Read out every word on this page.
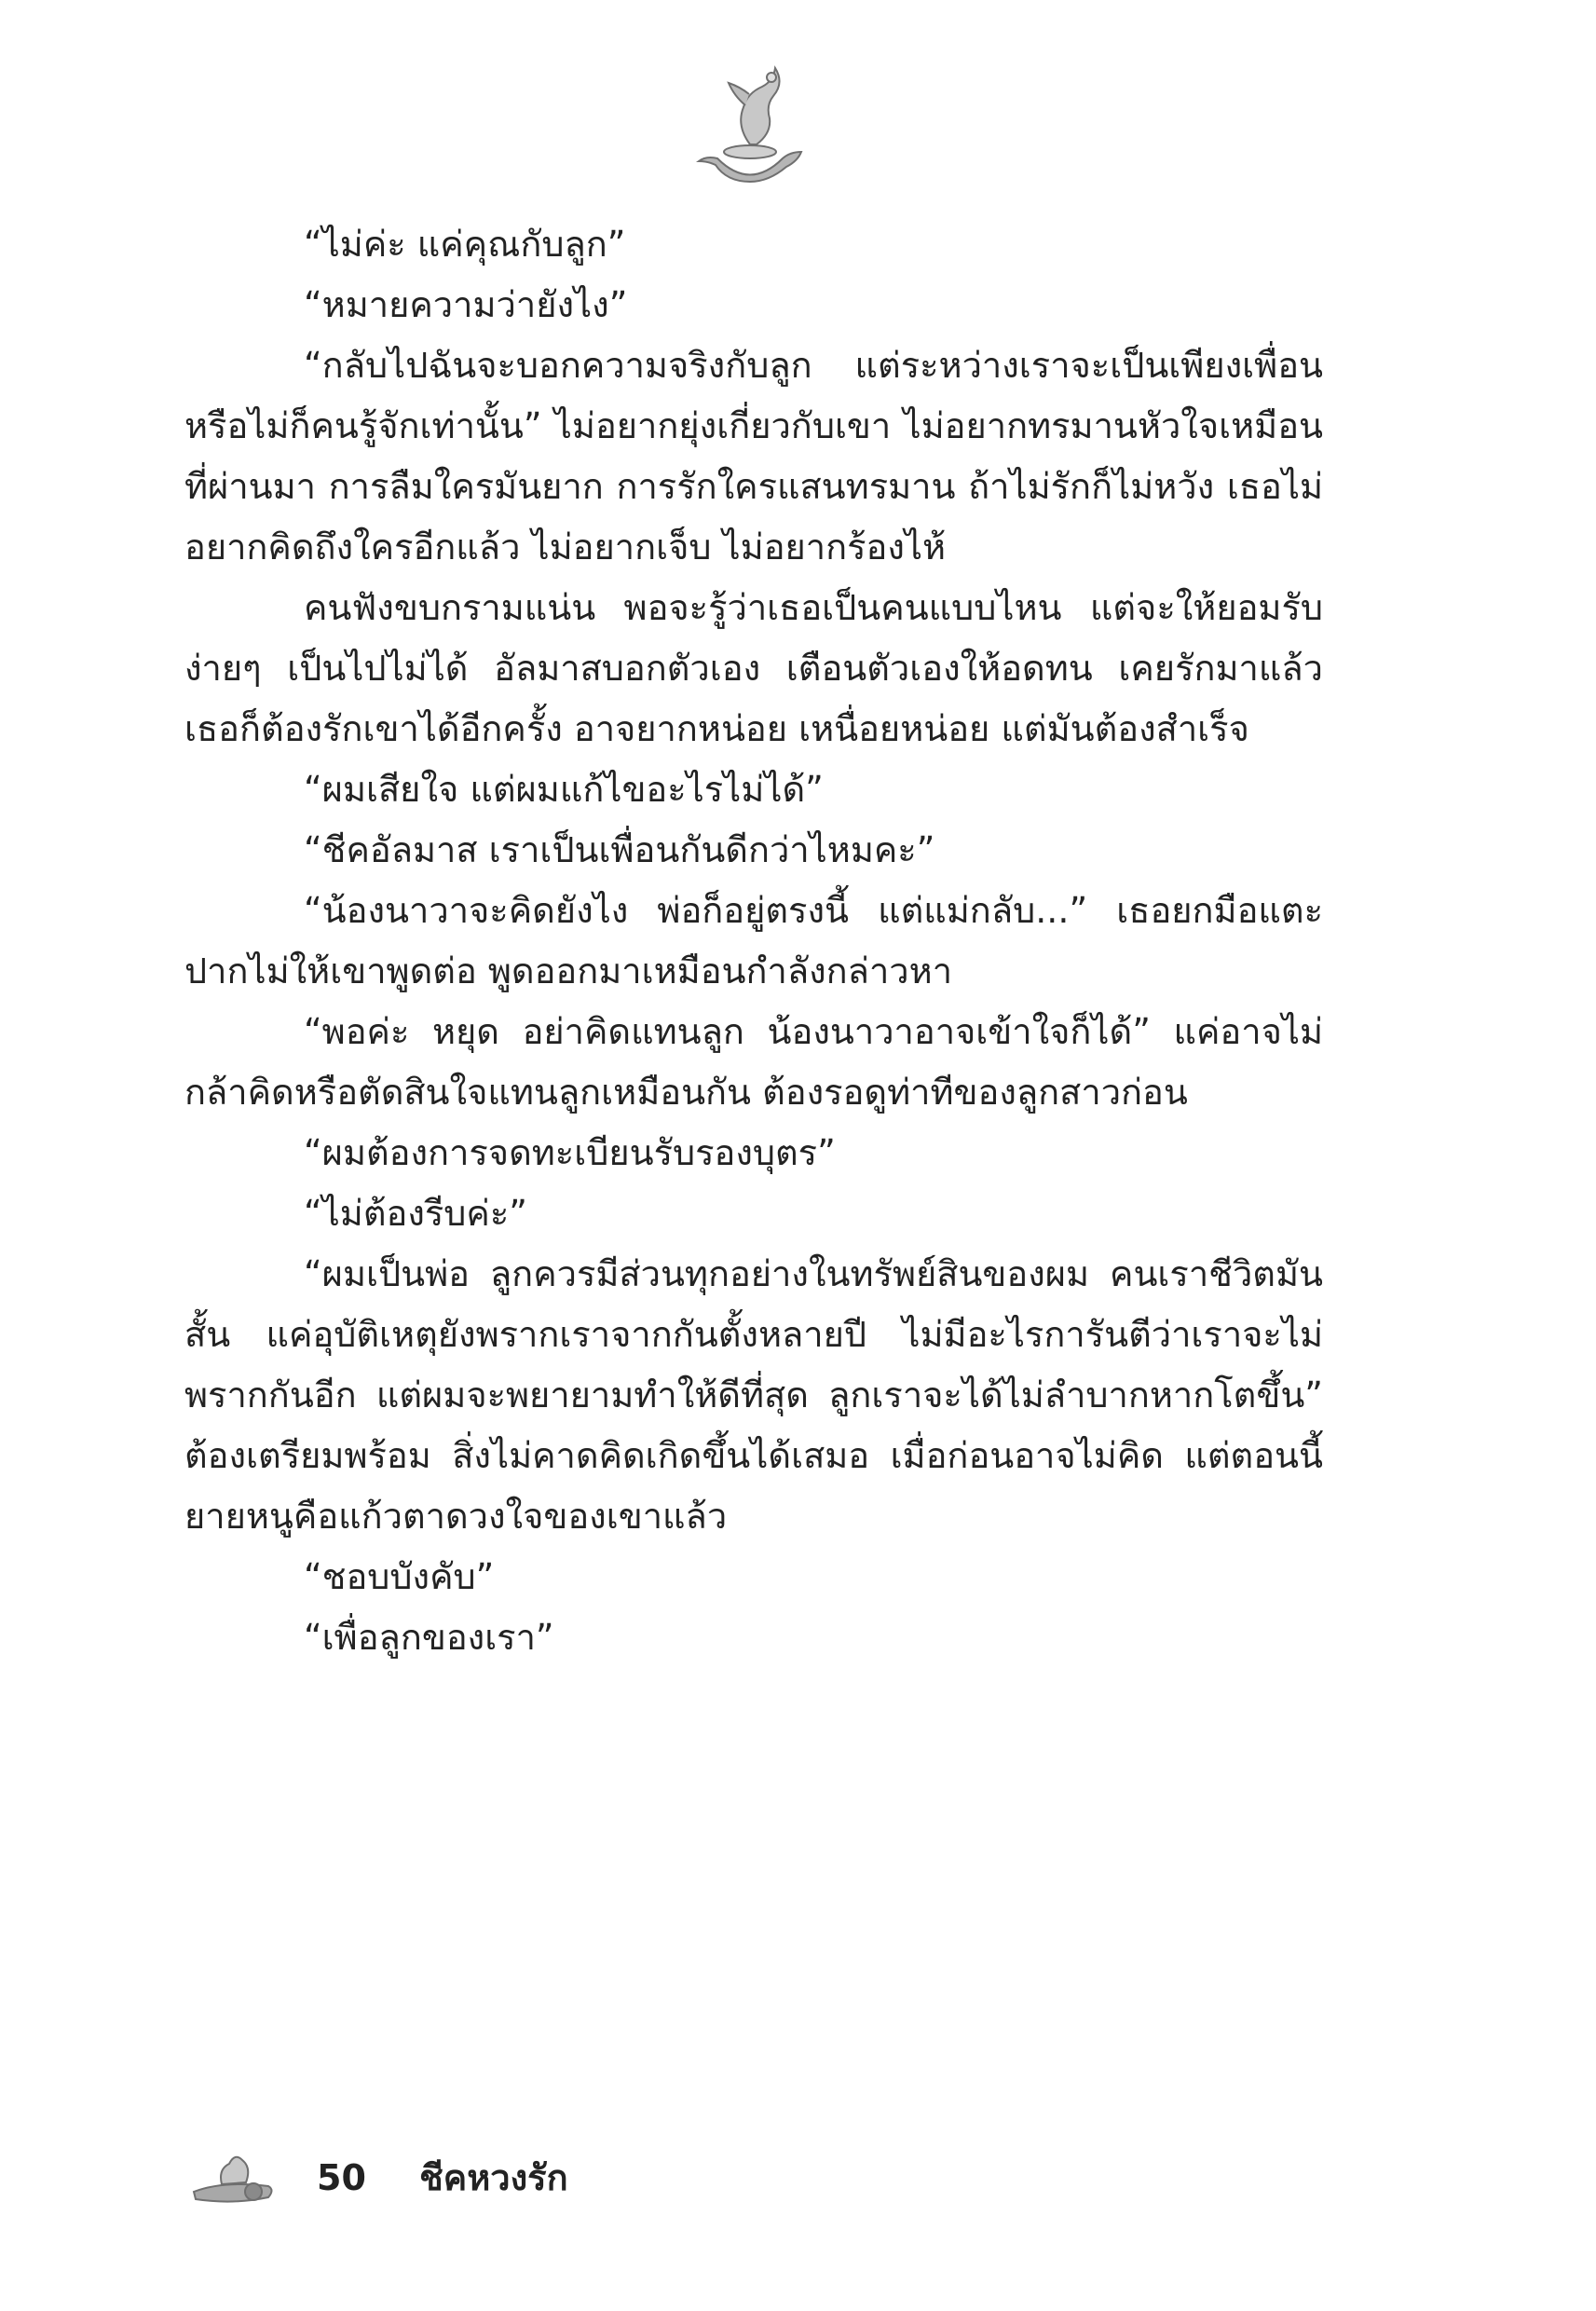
“ไม่ค่ะ แค่คุณกับลูก”

“หมายความว่ายังไง”

“กลับไปฉันจะบอกความจริงกับลูก แต่ระหว่างเราจะเป็นเพียงเพื่อน หรือไม่ก็คนรู้จักเท่านั้น” ไม่อยากยุ่งเกี่ยวกับเขา ไม่อยากทรมานหัวใจเหมือนที่ผ่านมา การลืมใครมันยาก การรักใครแสนทรมาน ถ้าไม่รักก็ไม่หวัง เธอไม่อยากคิดถึงใครอีกแล้ว ไม่อยากเจ็บ ไม่อยากร้องไห้

คนฟังขบกรามแน่น พอจะรู้ว่าเธอเป็นคนแบบไหน แต่จะให้ยอมรับง่ายๆ เป็นไปไม่ได้ อัลมาสบอกตัวเอง เตือนตัวเองให้อดทน เคยรักมาแล้ว เธอก็ต้องรักเขาได้อีกครั้ง อาจยากหน่อย เหนื่อยหน่อย แต่มันต้องสำเร็จ

“ผมเสียใจ แต่ผมแก้ไขอะไรไม่ได้”

“ชีคอัลมาส เราเป็นเพื่อนกันดีกว่าไหมคะ”

“น้องนาวาจะคิดยังไง พ่อก็อยู่ตรงนี้ แต่แม่กลับ...” เธอยกมือแตะปากไม่ให้เขาพูดต่อ พูดออกมาเหมือนกำลังกล่าวหา

“พอค่ะ หยุด อย่าคิดแทนลูก น้องนาวาอาจเข้าใจก็ได้” แค่อาจไม่กล้าคิดหรือตัดสินใจแทนลูกเหมือนกัน ต้องรอดูท่าทีของลูกสาวก่อน

“ผมต้องการจดทะเบียนรับรองบุตร”

“ไม่ต้องรีบค่ะ”

“ผมเป็นพ่อ ลูกควรมีส่วนทุกอย่างในทรัพย์สินของผม คนเราชีวิตมันสั้น แค่อุบัติเหตุยังพรากเราจากกันตั้งหลายปี ไม่มีอะไรการันตีว่าเราจะไม่พรากกันอีก แต่ผมจะพยายามทำให้ดีที่สุด ลูกเราจะได้ไม่ลำบากหากโตขึ้น” ต้องเตรียมพร้อม สิ่งไม่คาดคิดเกิดขึ้นได้เสมอ เมื่อก่อนอาจไม่คิด แต่ตอนนี้ยายหนูคือแก้วตาดวงใจของเขาแล้ว

“ชอบบังคับ”

“เพื่อลูกของเรา”

50 ชีคหวงรัก
